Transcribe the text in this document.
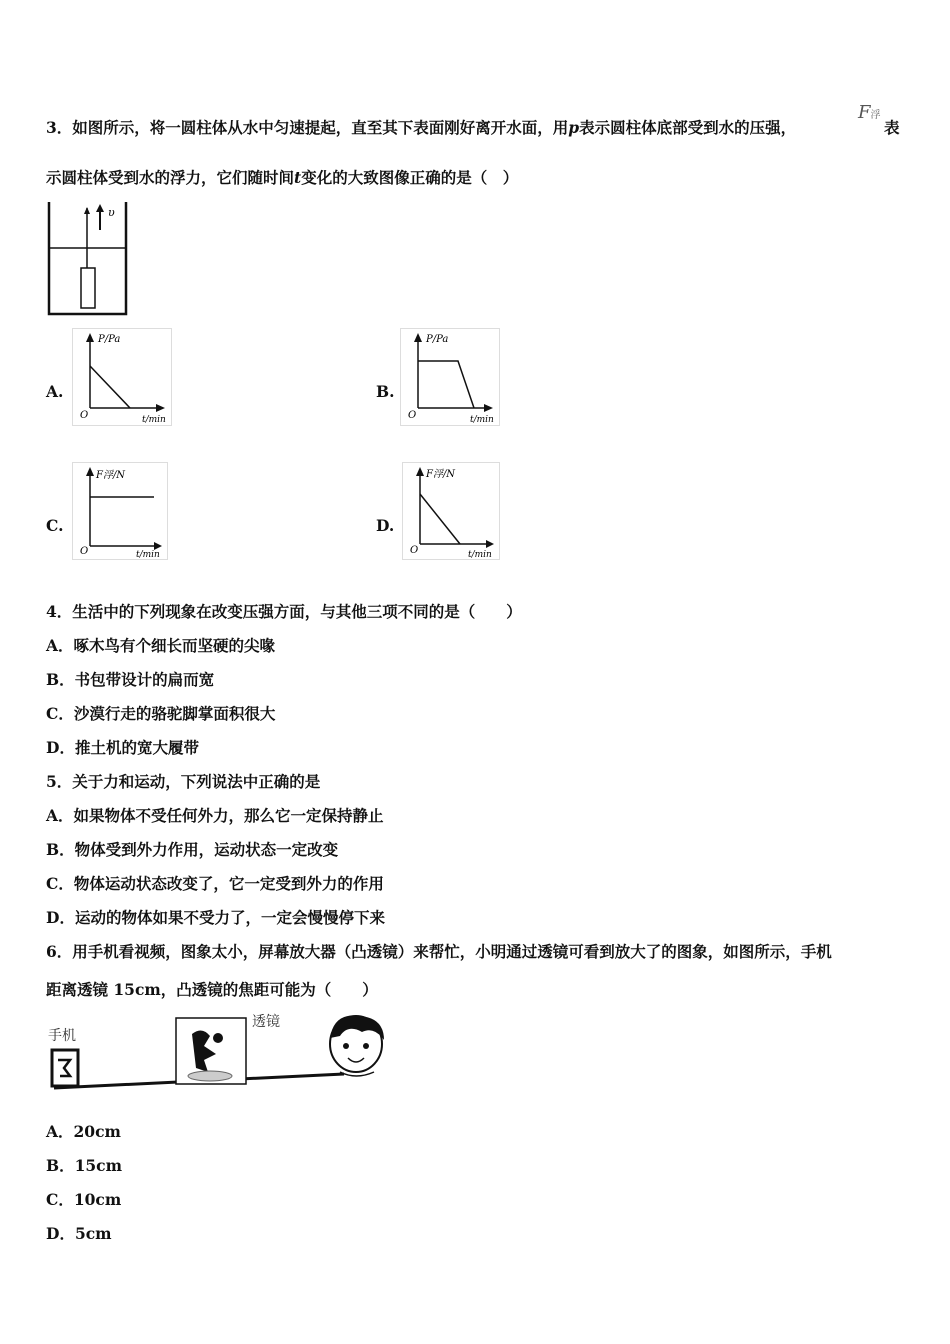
3．如图所示，将一圆柱体从水中匀速提起，直至其下表面刚好离开水面，用p表示圆柱体底部受到水的压强，
F浮
表
示圆柱体受到水的浮力，它们随时间t变化的大致图像正确的是（　）
υ
A.
P/Pa
O	t/min
B.
P/Pa
O	t/min
C.
F浮/N
O	t/min
D.
F浮/N
O	t/min
4．生活中的下列现象在改变压强方面，与其他三项不同的是（　　）
A．啄木鸟有个细长而坚硬的尖喙
B．书包带设计的扁而宽
C．沙漠行走的骆驼脚掌面积很大
D．推土机的宽大履带
5．关于力和运动，下列说法中正确的是
A．如果物体不受任何外力，那么它一定保持静止
B．物体受到外力作用，运动状态一定改变
C．物体运动状态改变了，它一定受到外力的作用
D．运动的物体如果不受力了，一定会慢慢停下来
6．用手机看视频，图象太小，屏幕放大器（凸透镜）来帮忙，小明通过透镜可看到放大了的图象，如图所示，手机
距离透镜 15cm，凸透镜的焦距可能为（　　）
手机
透镜
A．20cm
B．15cm
C．10cm
D．5cm
